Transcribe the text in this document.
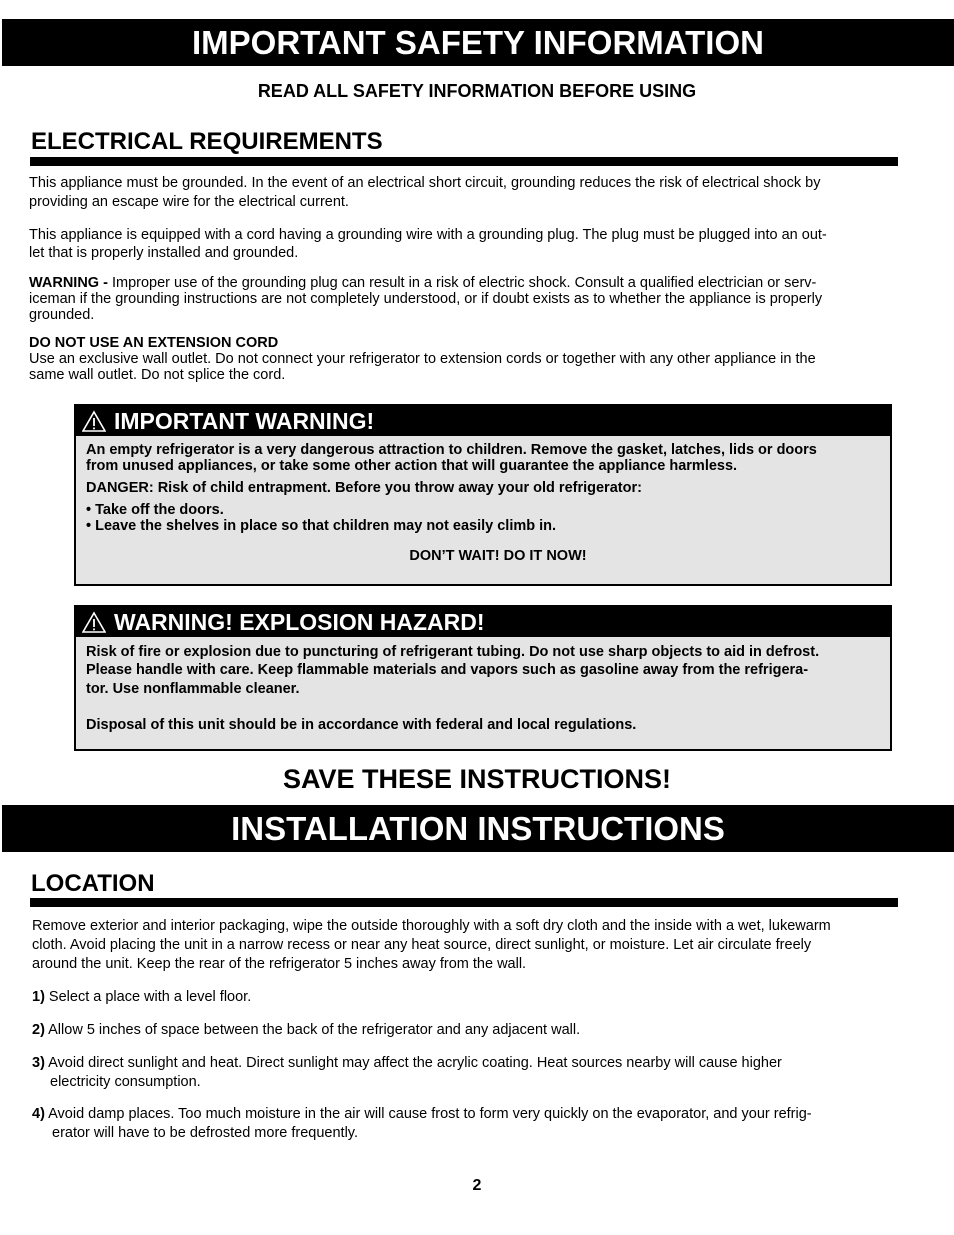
IMPORTANT SAFETY INFORMATION
READ ALL SAFETY INFORMATION BEFORE USING
ELECTRICAL REQUIREMENTS
This appliance must be grounded. In the event of an electrical short circuit, grounding reduces the risk of electrical shock by
providing an escape wire for the electrical current.
This appliance is equipped with a cord having a grounding wire with a grounding plug. The plug must be plugged into an out-
let that is properly installed and grounded.
WARNING - Improper use of the grounding plug can result in a risk of electric shock. Consult a qualified electrician or serv-
iceman if the grounding instructions are not completely understood, or if doubt exists as to whether the appliance is properly
grounded.
DO NOT USE AN EXTENSION CORD
Use an exclusive wall outlet. Do not connect your refrigerator to extension cords or together with any other appliance in the
same wall outlet. Do not splice the cord.
IMPORTANT WARNING!
An empty refrigerator is a very dangerous attraction to children. Remove the gasket, latches, lids or doors
from unused appliances, or take some other action that will guarantee the appliance harmless.
DANGER: Risk of child entrapment. Before you throw away your old refrigerator:
• Take off the doors.
• Leave the shelves in place so that children may not easily climb in.
DON’T WAIT! DO IT NOW!
WARNING! EXPLOSION HAZARD!
Risk of fire or explosion due to puncturing of refrigerant tubing. Do not use sharp objects to aid in defrost.
Please handle with care. Keep flammable materials and vapors such as gasoline away from the refrigera-
tor. Use nonflammable cleaner.
Disposal of this unit should be in accordance with federal and local regulations.
SAVE THESE INSTRUCTIONS!
INSTALLATION INSTRUCTIONS
LOCATION
Remove exterior and interior packaging, wipe the outside thoroughly with a soft dry cloth and the inside with a wet, lukewarm
cloth. Avoid placing the unit in a narrow recess or near any heat source, direct sunlight, or moisture. Let air circulate freely
around the unit. Keep the rear of the refrigerator 5 inches away from the wall.
1) Select a place with a level floor.
2) Allow 5 inches of space between the back of the refrigerator and any adjacent wall.
3) Avoid direct sunlight and heat. Direct sunlight may affect the acrylic coating. Heat sources nearby will cause higher
electricity consumption.
4) Avoid damp places. Too much moisture in the air will cause frost to form very quickly on the evaporator, and your refrig-
erator will have to be defrosted more frequently.
2
